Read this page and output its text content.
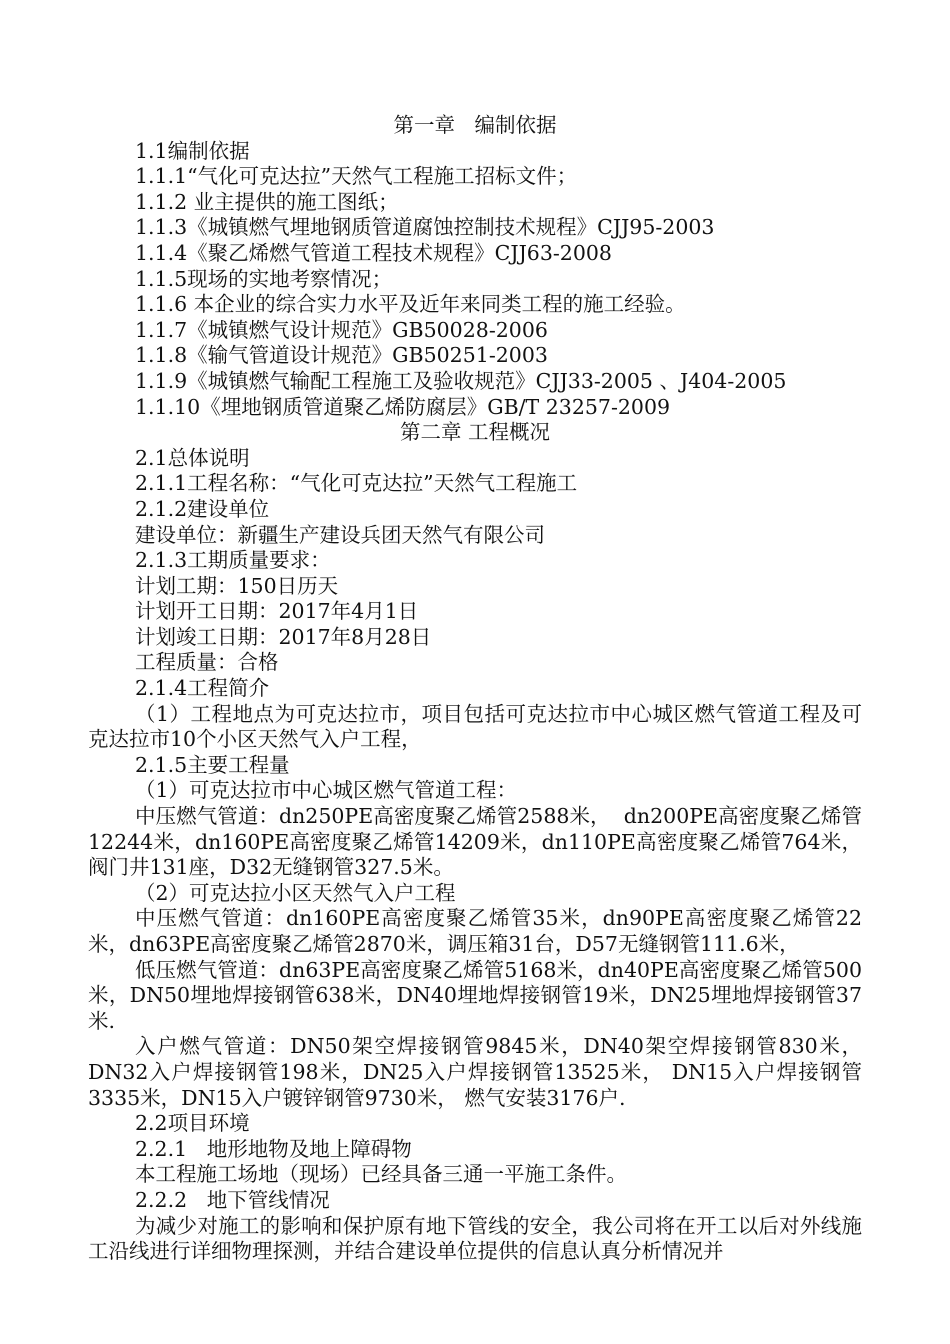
第一章   编制依据

1.1编制依据

1.1.1“气化可克达拉”天然气工程施工招标文件；

1.1.2 业主提供的施工图纸；

1.1.3《城镇燃气埋地钢质管道腐蚀控制技术规程》CJJ95-2003

1.1.4《聚乙烯燃气管道工程技术规程》CJJ63-2008

1.1.5现场的实地考察情况；

1.1.6 本企业的综合实力水平及近年来同类工程的施工经验。

1.1.7《城镇燃气设计规范》GB50028-2006

1.1.8《输气管道设计规范》GB50251-2003

1.1.9《城镇燃气输配工程施工及验收规范》CJJ33-2005 、J404-2005

1.1.10《埋地钢质管道聚乙烯防腐层》GB/T 23257-2009

第二章 工程概况

2.1总体说明

2.1.1工程名称：“气化可克达拉”天然气工程施工

2.1.2建设单位

建设单位：新疆生产建设兵团天然气有限公司

2.1.3工期质量要求：

计划工期：150日历天

计划开工日期：2017年4月1日

计划竣工日期：2017年8月28日

工程质量：合格

2.1.4工程简介

（1）工程地点为可克达拉市，项目包括可克达拉市中心城区燃气管道工程及可克达拉市10个小区天然气入户工程，

2.1.5主要工程量

（1）可克达拉市中心城区燃气管道工程：

中压燃气管道：dn250PE高密度聚乙烯管2588米，  dn200PE高密度聚乙烯管12244米，dn160PE高密度聚乙烯管14209米，dn110PE高密度聚乙烯管764米，阀门井131座，D32无缝钢管327.5米。

（2）可克达拉小区天然气入户工程

中压燃气管道：dn160PE高密度聚乙烯管35米，dn90PE高密度聚乙烯管22米，dn63PE高密度聚乙烯管2870米，调压箱31台，D57无缝钢管111.6米，

低压燃气管道：dn63PE高密度聚乙烯管5168米，dn40PE高密度聚乙烯管500米，DN50埋地焊接钢管638米，DN40埋地焊接钢管19米，DN25埋地焊接钢管37米.

入户燃气管道：DN50架空焊接钢管9845米，DN40架空焊接钢管830米， DN32入户焊接钢管198米，DN25入户焊接钢管13525米， DN15入户焊接钢管3335米，DN15入户镀锌钢管9730米， 燃气安装3176户.

2.2项目环境

2.2.1   地形地物及地上障碍物

本工程施工场地（现场）已经具备三通一平施工条件。

2.2.2   地下管线情况

为减少对施工的影响和保护原有地下管线的安全，我公司将在开工以后对外线施工沿线进行详细物理探测，并结合建设单位提供的信息认真分析情况并
